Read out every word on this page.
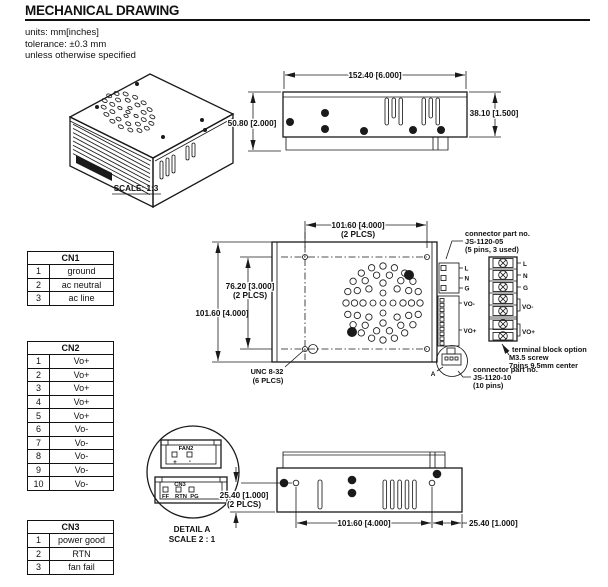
MECHANICAL DRAWING
units: mm[inches]
tolerance: ±0.3 mm
unless otherwise specified
CN1	
1	ground
2	ac neutral
3	ac line
CN2	
1	Vo+
2	Vo+
3	Vo+
4	Vo+
5	Vo+
6	Vo-
7	Vo-
8	Vo-
9	Vo-
10	Vo-
CN3	
1	power good
2	RTN
3	fan fail
SCALE: 1:3
152.40 [6.000]
50.80 [2.000]
38.10 [1.500]
101.60 [4.000]
76.20 [3.000]
(2 PLCS)
101.60 [4.000]
(2 PLCS)
UNC 8-32
(6 PLCS)
L
N
G
VO-
VO+
A
connector part no.
JS-1120-05
(5 pins, 3 used)
connector part no.
JS-1120-10
(10 pins)
L
N
G
VO-
VO+
terminal block option
M3.5 screw
7pins 9.5mm center
FAN2
+ -
CN3
FF RTN PG
DETAIL A
SCALE 2 : 1
25.40 [1.000]
(2 PLCS)
101.60 [4.000]	25.40 [1.000]
